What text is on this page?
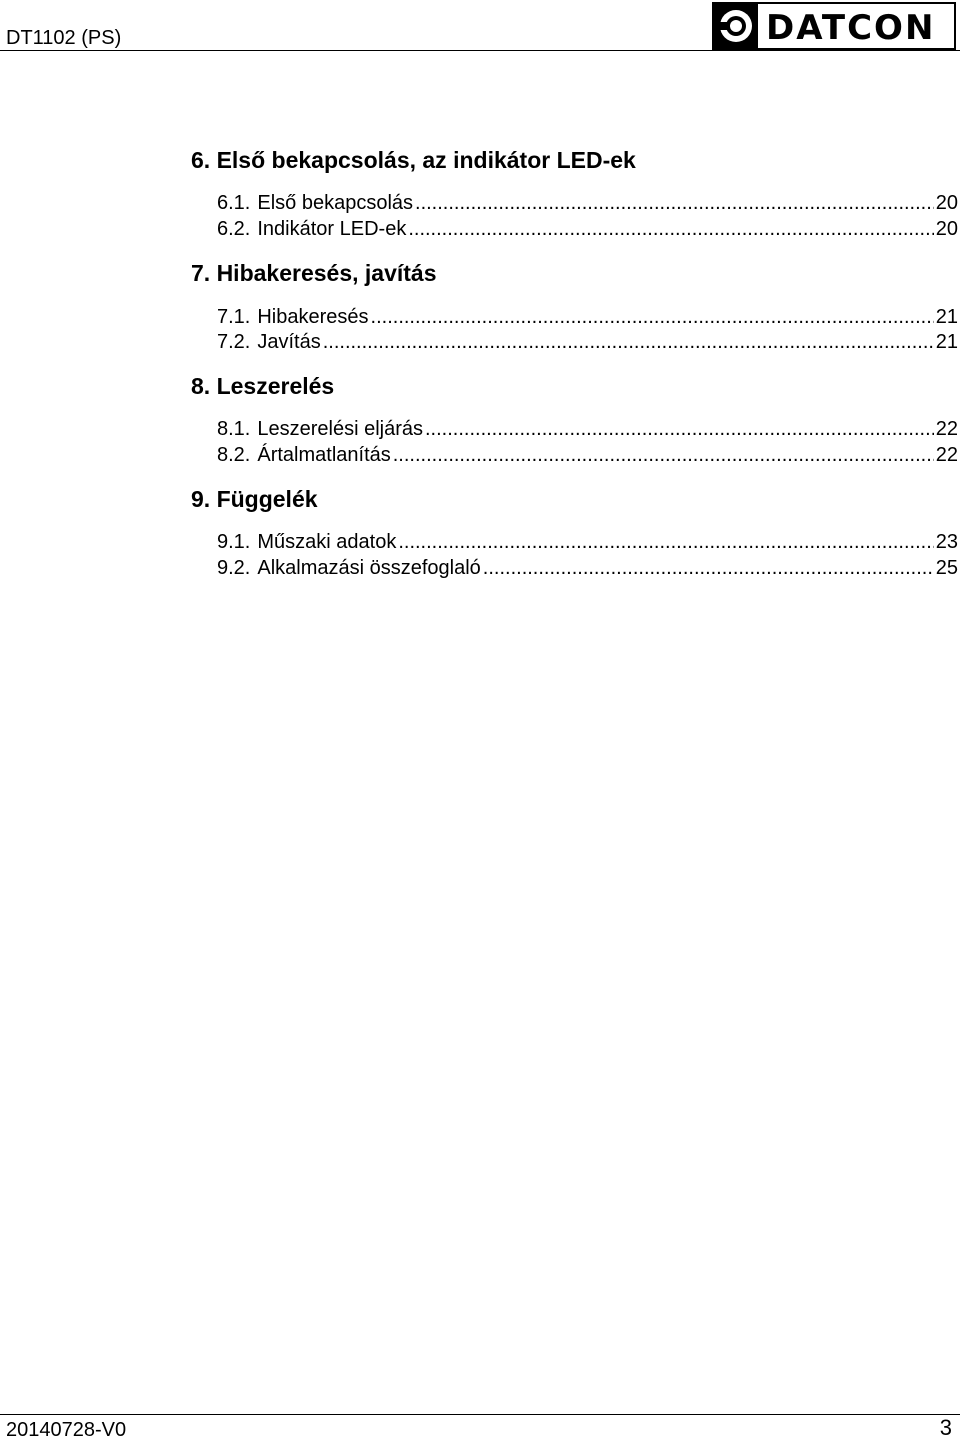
DT1102 (PS)	DATCON
6. Első bekapcsolás, az indikátor LED-ek
6.1. Első bekapcsolás .....	20
6.2. Indikátor LED-ek .....	20
7. Hibakeresés, javítás
7.1. Hibakeresés .....	21
7.2. Javítás .....	21
8. Leszerelés
8.1. Leszerelési eljárás .....	22
8.2. Ártalmatlanítás .....	22
9. Függelék
9.1. Műszaki adatok .....	23
9.2. Alkalmazási összefoglaló .....	25
20140728-V0	3
